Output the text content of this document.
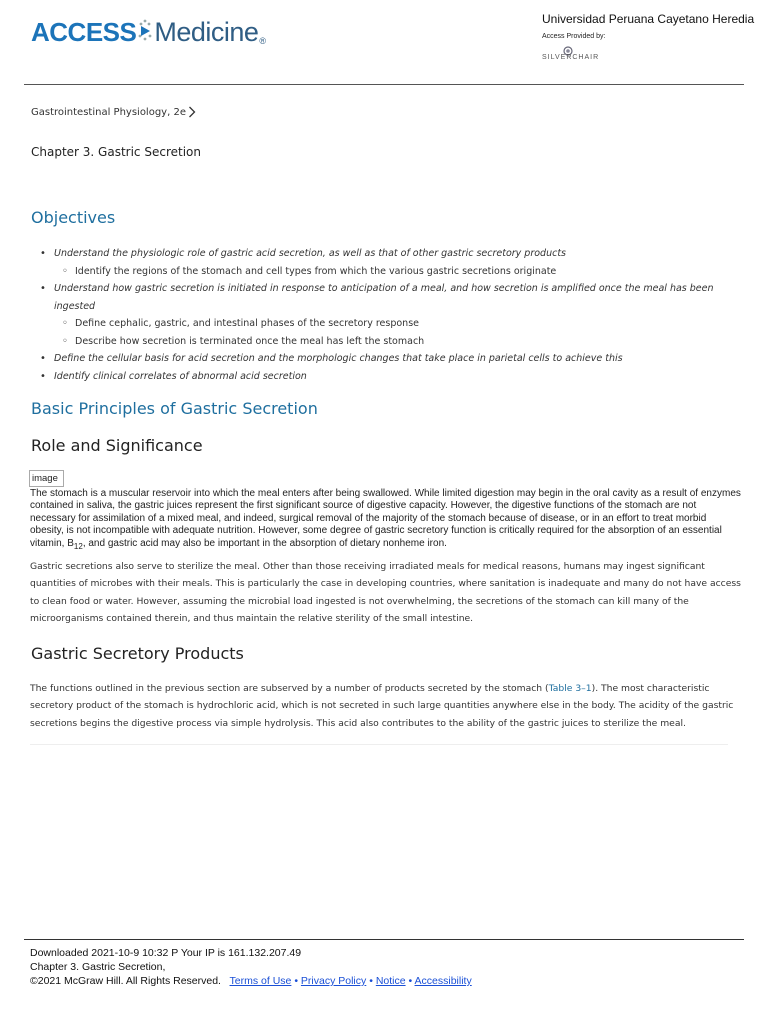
ACCESS Medicine ®
Universidad Peruana Cayetano Heredia
Access Provided by:
SILVERCHAIR
Gastrointestinal Physiology, 2e
Chapter 3. Gastric Secretion
Objectives
• Understand the physiologic role of gastric acid secretion, as well as that of other gastric secretory products
◦ Identify the regions of the stomach and cell types from which the various gastric secretions originate
• Understand how gastric secretion is initiated in response to anticipation of a meal, and how secretion is amplified once the meal has been ingested
◦ Define cephalic, gastric, and intestinal phases of the secretory response
◦ Describe how secretion is terminated once the meal has left the stomach
• Define the cellular basis for acid secretion and the morphologic changes that take place in parietal cells to achieve this
• Identify clinical correlates of abnormal acid secretion
Basic Principles of Gastric Secretion
Role and Significance
image
The stomach is a muscular reservoir into which the meal enters after being swallowed. While limited digestion may begin in the oral cavity as a result of enzymes contained in saliva, the gastric juices represent the first significant source of digestive capacity. However, the digestive functions of the stomach are not necessary for assimilation of a mixed meal, and indeed, surgical removal of the majority of the stomach because of disease, or in an effort to treat morbid obesity, is not incompatible with adequate nutrition. However, some degree of gastric secretory function is critically required for the absorption of an essential vitamin, $B_{12}$, and gastric acid may also be important in the absorption of dietary nonheme iron.
Gastric secretions also serve to sterilize the meal. Other than those receiving irradiated meals for medical reasons, humans may ingest significant quantities of microbes with their meals. This is particularly the case in developing countries, where sanitation is inadequate and many do not have access to clean food or water. However, assuming the microbial load ingested is not overwhelming, the secretions of the stomach can kill many of the microorganisms contained therein, and thus maintain the relative sterility of the small intestine.
Gastric Secretory Products
The functions outlined in the previous section are subserved by a number of products secreted by the stomach (Table 3–1). The most characteristic secretory product of the stomach is hydrochloric acid, which is not secreted in such large quantities anywhere else in the body. The acidity of the gastric secretions begins the digestive process via simple hydrolysis. This acid also contributes to the ability of the gastric juices to sterilize the meal.
Downloaded 2021-10-9 10:32 P Your IP is 161.132.207.49
Chapter 3. Gastric Secretion,
©2021 McGraw Hill. All Rights Reserved. Terms of Use • Privacy Policy • Notice • Accessibility
